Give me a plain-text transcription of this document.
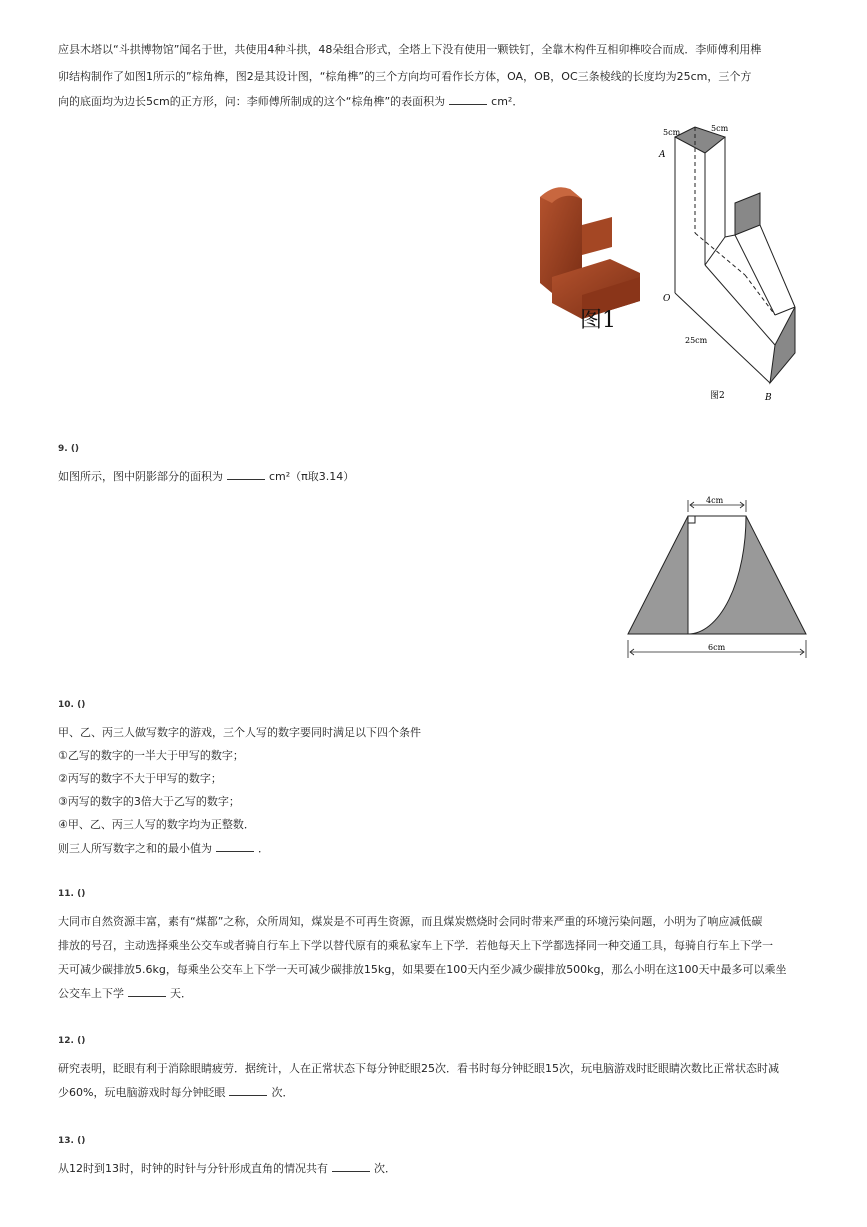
应县木塔以“斗拱博物馆”闻名于世，共使用4种斗拱，48朵组合形式，全塔上下没有使用一颗铁钉，全靠木构件互相卯榫咬合而成．李师傅利用榫
卯结构制作了如图1所示的”棕角榫，图2是其设计图，“棕角榫”的三个方向均可看作长方体，OA，OB，OC三条棱线的长度均为25cm，三个方
向的底面均为边长5cm的正方形，问：李师傅所制成的这个“棕角榫”的表面积为	cm²．
图1
5cm	5cm
A
O
25cm
图2	B
9. ()
如图所示，图中阴影部分的面积为	cm²（π取3.14）
4cm
6cm
10. ()
甲、乙、丙三人做写数字的游戏，三个人写的数字要同时满足以下四个条件
①乙写的数字的一半大于甲写的数字；
②丙写的数字不大于甲写的数字；
③丙写的数字的3倍大于乙写的数字；
④甲、乙、丙三人写的数字均为正整数．
则三人所写数字之和的最小值为	．
11. ()
大同市自然资源丰富，素有“煤都”之称，众所周知，煤炭是不可再生资源，而且煤炭燃烧时会同时带来严重的环境污染问题，小明为了响应减低碳
排放的号召，主动选择乘坐公交车或者骑自行车上下学以替代原有的乘私家车上下学．若他每天上下学都选择同一种交通工具，每骑自行车上下学一
天可减少碳排放5.6kg，每乘坐公交车上下学一天可减少碳排放15kg，如果要在100天内至少减少碳排放500kg，那么小明在这100天中最多可以乘坐
公交车上下学	天．
12. ()
研究表明，眨眼有利于消除眼睛疲劳．据统计，人在正常状态下每分钟眨眼25次．看书时每分钟眨眼15次，玩电脑游戏时眨眼睛次数比正常状态时减
少60%，玩电脑游戏时每分钟眨眼	次．
13. ()
从12时到13时，时钟的时针与分针形成直角的情况共有	次．
